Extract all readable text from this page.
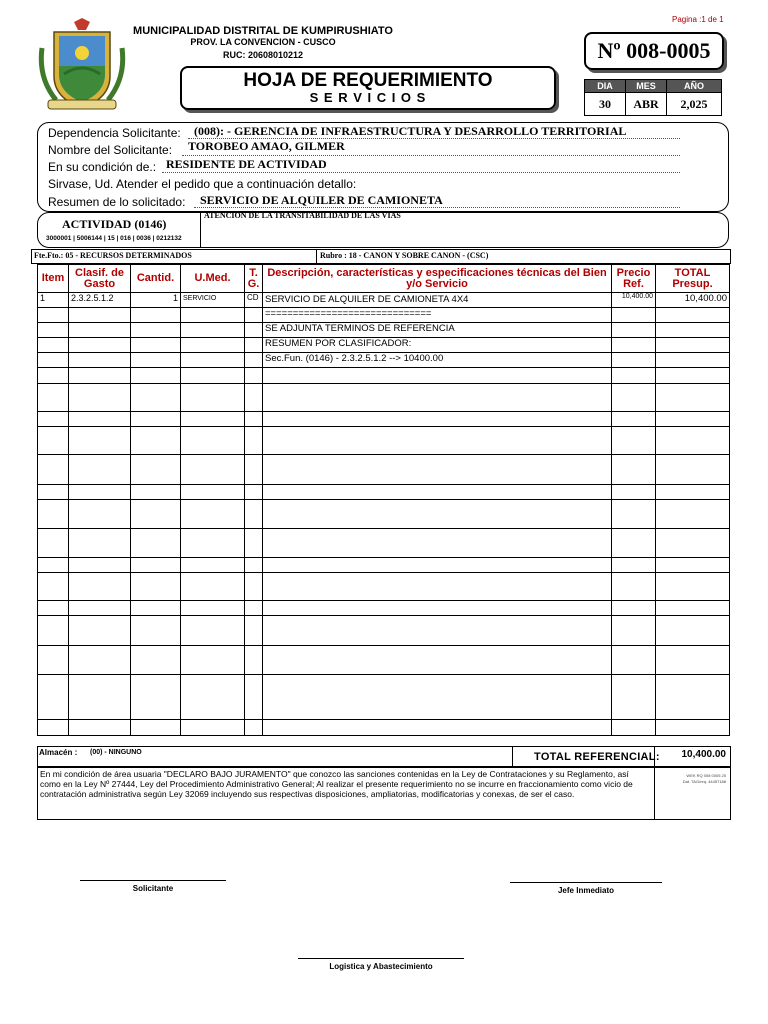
Pagina :1 de 1
MUNICIPALIDAD DISTRITAL DE KUMPIRUSHIATO
PROV. LA CONVENCION - CUSCO
RUC: 20608010212
HOJA DE REQUERIMIENTO
S E R V I C I O S
Nº 008-0005
DIA	MES	AÑO
30	ABR	2,025
Dependencia Solicitante: (008): - GERENCIA DE INFRAESTRUCTURA Y DESARROLLO TERRITORIAL
Nombre del Solicitante: TOROBEO AMAO, GILMER
En su condición de.: RESIDENTE DE ACTIVIDAD
Sirvase, Ud. Atender el pedido que a continuación detallo:
Resumen de lo solicitado: SERVICIO DE ALQUILER DE CAMIONETA
ACTIVIDAD (0146)
3000001 | 5006144 | 15 | 016 | 0036 | 0212132
ATENCION DE LA TRANSITABILIDAD DE LAS VIAS
Fte.Fto.: 05 - RECURSOS DETERMINADOS	Rubro : 18 - CANON Y SOBRE CANON - (CSC)
Item	Clasif. de Gasto	Cantid.	U.Med.	T. G.	Descripción, características y especificaciones técnicas del Bien y/o Servicio	Precio Ref.	TOTAL Presup.
1	2.3.2.5.1.2	1	SERVICIO	CD	SERVICIO DE ALQUILER DE CAMIONETA 4X4	10,400.00	10,400.00
					==============================		
					SE ADJUNTA TERMINOS DE REFERENCIA		
					RESUMEN POR CLASIFICADOR:		
					Sec.Fun. (0146) - 2.3.2.5.1.2 --> 10400.00		

Almacén : (00) - NINGUNO	TOTAL REFERENCIAL: 10,400.00
En mi condición de área usuaria "DECLARO BAJO JURAMENTO" que conozco las sanciones contenidas en la Ley de Contrataciones y su Reglamento, así como en la Ley Nº 27444, Ley del Procedimiento Administrativo General; Al realizar el presente requerimiento no se incurre en fraccionamiento como vicio de contratación administrativa según Ley 32069 incluyendo sus respectivas disposiciones, ampliatorias, modificatorias y conexas, de ser el caso.
WEK RQ 008 0005 25
Dat. TAG/req. 44457188
Solicitante	Jefe Inmediato
Logistica y Abastecimiento
